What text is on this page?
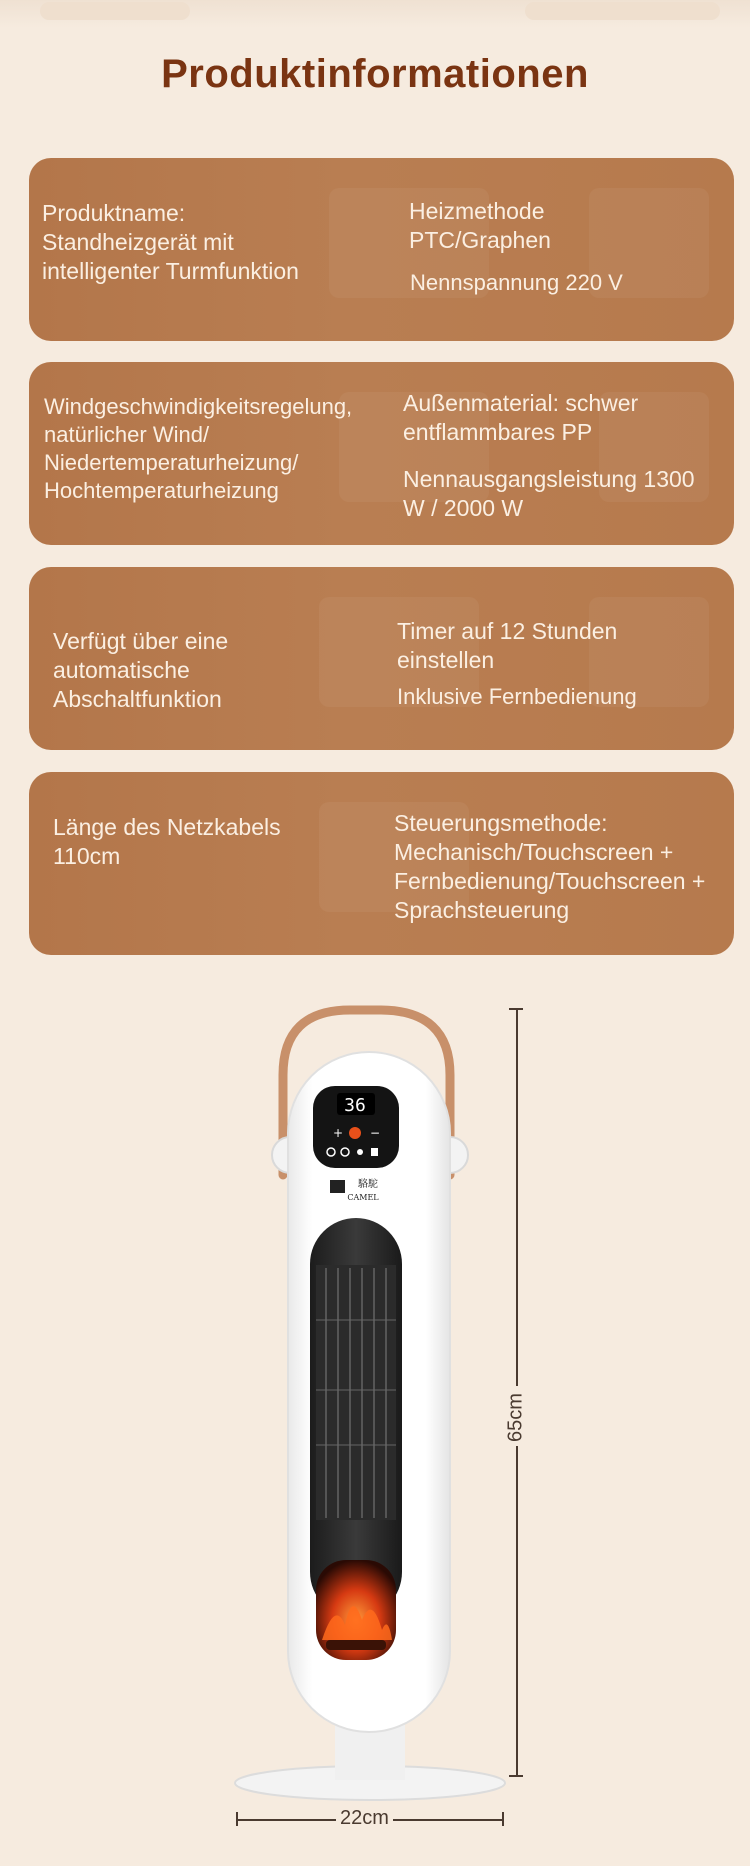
Produktinformationen

Produktname: Standheizgerät mit intelligenter Turmfunktion

Heizmethode PTC/Graphen

Nennspannung 220 V

Windgeschwindigkeitsregelung, natürlicher Wind/ Niedertemperaturheizung/ Hochtemperaturheizung

Außenmaterial: schwer entflammbares PP

Nennausgangsleistung 1300 W / 2000 W

Verfügt über eine automatische Abschaltfunktion

Timer auf 12 Stunden einstellen

Inklusive Fernbedienung

Länge des Netzkabels 110cm

Steuerungsmethode: Mechanisch/Touchscreen + Fernbedienung/Touchscreen + Sprachsteuerung

36
+ −
駱駝
CAMEL
65cm
22cm
